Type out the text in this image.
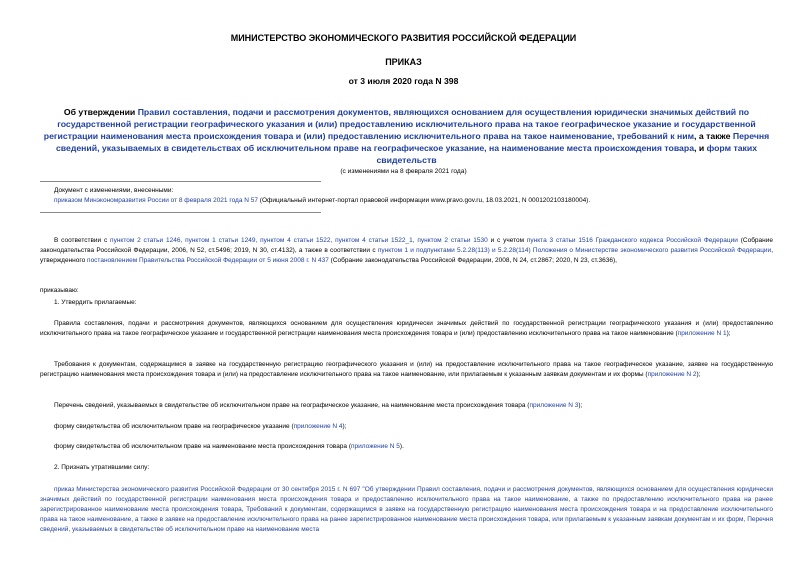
МИНИСТЕРСТВО ЭКОНОМИЧЕСКОГО РАЗВИТИЯ РОССИЙСКОЙ ФЕДЕРАЦИИ
ПРИКАЗ
от 3 июля 2020 года N 398
Об утверждении Правил составления, подачи и рассмотрения документов, являющихся основанием для осуществления юридически значимых действий по государственной регистрации географического указания и (или) предоставлению исключительного права на такое географическое указание и государственной регистрации наименования места происхождения товара и (или) предоставлению исключительного права на такое наименование, требований к ним, а также Перечня сведений, указываемых в свидетельствах об исключительном праве на географическое указание, на наименование места происхождения товара, и форм таких свидетельств
(с изменениями на 8 февраля 2021 года)
Документ с изменениями, внесенными:
приказом Минэкономразвития России от 8 февраля 2021 года N 57 (Официальный интернет-портал правовой информации www.pravo.gov.ru, 18.03.2021, N 0001202103180004).

В соответствии с пунктом 2 статьи 1246, пунктом 1 статьи 1249, пунктом 4 статьи 1522, пунктом 4 статьи 1522_1, пунктом 2 статьи 1530 и с учетом пункта 3 статьи 1516 Гражданского кодекса Российской Федерации (Собрание законодательства Российской Федерации, 2006, N 52, ст.5496; 2019, N 30, ст.4132), а также в соответствии с пунктом 1 и подпунктами 5.2.28(113) и 5.2.28(114) Положения о Министерстве экономического развития Российской Федерации, утвержденного постановлением Правительства Российской Федерации от 5 июня 2008 г. N 437 (Собрание законодательства Российской Федерации, 2008, N 24, ст.2867; 2020, N 23, ст.3636),

приказываю:
1. Утвердить прилагаемые:

Правила составления, подачи и рассмотрения документов, являющихся основанием для осуществления юридически значимых действий по государственной регистрации географического указания и (или) предоставлению исключительного права на такое географическое указание и государственной регистрации наименования места происхождения товара и (или) предоставлению исключительного права на такое наименование (приложение N 1);

Требования к документам, содержащимся в заявке на государственную регистрацию географического указания и (или) на предоставление исключительного права на такое географическое указание, заявке на государственную регистрацию наименования места происхождения товара и (или) на предоставление исключительного права на такое наименование, или прилагаемым к указанным заявкам документам и их формы (приложение N 2);

Перечень сведений, указываемых в свидетельстве об исключительном праве на географическое указание, на наименование места происхождения товара (приложение N 3);

форму свидетельства об исключительном праве на географическое указание (приложение N 4);

форму свидетельства об исключительном праве на наименование места происхождения товара (приложение N 5).

2. Признать утратившими силу:

приказ Министерства экономического развития Российской Федерации от 30 сентября 2015 г. N 697 "Об утверждении Правил составления, подачи и рассмотрения документов, являющихся основанием для осуществления юридически значимых действий по государственной регистрации наименования места происхождения товара и предоставлению исключительного права на такое наименование, а также по предоставлению исключительного права на ранее зарегистрированное наименование места происхождения товара, Требований к документам, содержащимся в заявке на государственную регистрацию наименования места происхождения товара и на предоставление исключительного права на такое наименование, а также в заявке на предоставление исключительного права на ранее зарегистрированное наименование места происхождения товара, или прилагаемым к указанным заявкам документам и их форм, Перечня сведений, указываемых в свидетельстве об исключительном праве на наименование места
